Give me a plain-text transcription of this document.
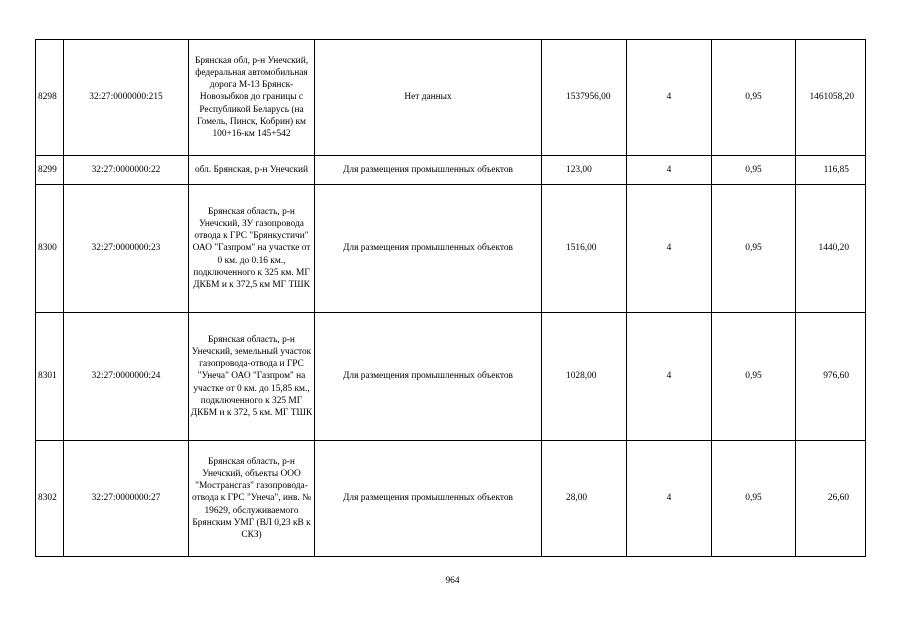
8298	32:27:0000000:215	Брянская обл, р-н Унечский, федеральная автомобильная дорога М-13 Брянск-Новозыбков до границы с Республикой Беларусь (на Гомель, Пинск, Кобрин) км 100+16-км 145+542	Нет данных	1537956,00	4	0,95	1461058,20
8299	32:27:0000000:22	обл. Брянская, р-н Унечский	Для размещения промышленных объектов	123,00	4	0,95	116,85
8300	32:27:0000000:23	Брянская область, р-н Унечский, ЗУ газопровода отвода к ГРС "Брянкустичи" ОАО "Газпром" на участке от 0 км. до 0.16 км., подключенного к 325 км. МГ ДКБМ и к 372,5 км МГ ТШК	Для размещения промышленных объектов	1516,00	4	0,95	1440,20
8301	32:27:0000000:24	Брянская область, р-н Унечский, земельный участок газопровода-отвода и ГРС "Унеча" ОАО "Газпром" на участке от 0 км. до 15,85 км., подключенного к 325 МГ ДКБМ и к 372, 5 км. МГ ТШК	Для размещения промышленных объектов	1028,00	4	0,95	976,60
8302	32:27:0000000:27	Брянская область, р-н Унечский, объекты ООО "Мострансгаз" газопровода-отвода к ГРС "Унеча", инв. № 19629, обслуживаемого Брянским УМГ (ВЛ 0,23 кВ к СКЗ)	Для размещения промышленных объектов	28,00	4	0,95	26,60
964
